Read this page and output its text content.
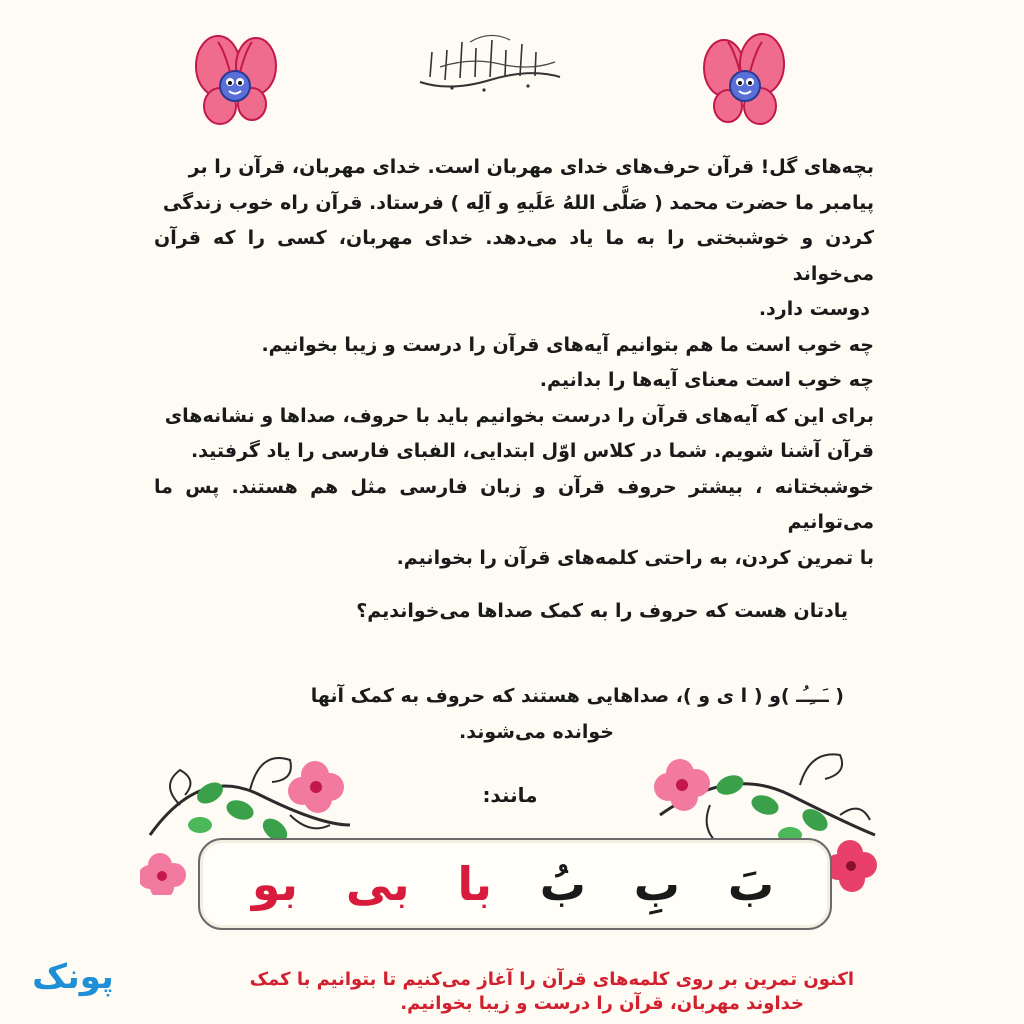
بچه‌های گل! قرآن حرف‌های خدای مهربان است. خدای مهربان، قرآن را بر
پیامبر ما حضرت محمد ( صَلَّی اللهُ عَلَیهِ و آلِه ) فرستاد. قرآن راه خوب زندگی
کردن و خوشبختی را به ما یاد می‌دهد. خدای مهربان، کسی را که قرآن می‌خواند
دوست دارد.

چه خوب است ما هم بتوانیم آیه‌های قرآن را درست و زیبا بخوانیم.

چه خوب است معنای آیه‌ها را بدانیم.

برای این که آیه‌های قرآن را درست بخوانیم باید با حروف، صداها و نشانه‌های
قرآن آشنا شویم. شما در کلاس اوّل ابتدایی، الفبای فارسی را یاد گرفتید.
خوشبختانه ، بیشتر حروف قرآن و زبان فارسی مثل هم هستند. پس ما می‌توانیم
با تمرین کردن، به راحتی کلمه‌های قرآن را بخوانیم.

یادتان هست که حروف را به کمک صداها می‌خواندیم؟
( ـَــِـُـ )و ( ا ی و )، صداهایی هستند که حروف به کمک آنها
خوانده می‌شوند.
مانند:
بَ
بِ
بُ
با
بی
بو
اکنون تمرین بر روی کلمه‌های قرآن را آغاز می‌کنیم تا بتوانیم با کمک
خداوند مهربان، قرآن را درست و زیبا بخوانیم.
پونک
